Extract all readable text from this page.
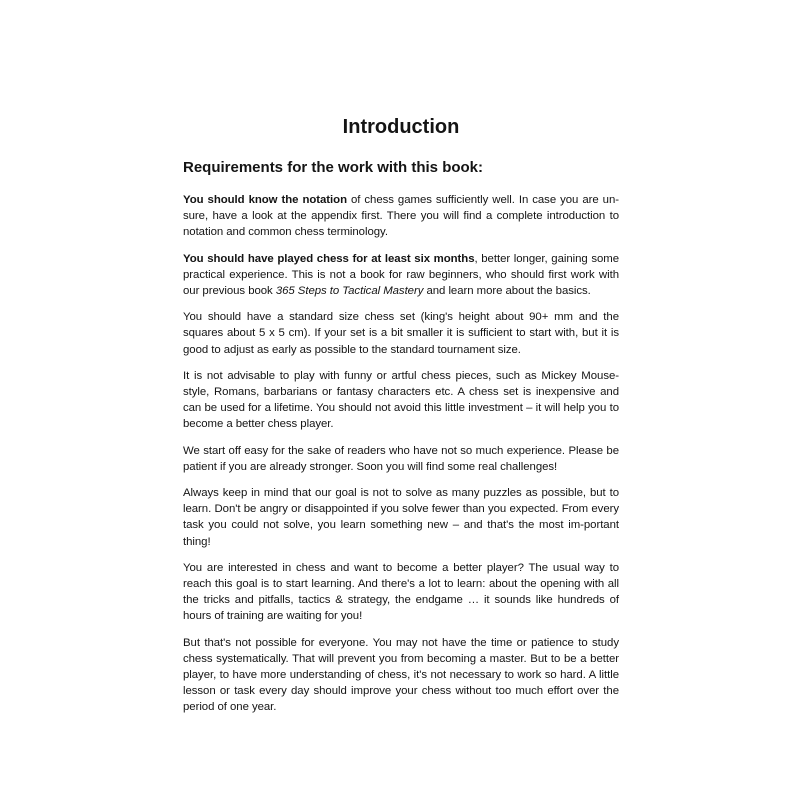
Introduction
Requirements for the work with this book:

You should know the notation of chess games sufficiently well. In case you are un-sure, have a look at the appendix first. There you will find a complete introduction to notation and common chess terminology.

You should have played chess for at least six months, better longer, gaining some practical experience. This is not a book for raw beginners, who should first work with our previous book 365 Steps to Tactical Mastery and learn more about the basics.

You should have a standard size chess set (king's height about 90+ mm and the squares about 5 x 5 cm). If your set is a bit smaller it is sufficient to start with, but it is good to adjust as early as possible to the standard tournament size.

It is not advisable to play with funny or artful chess pieces, such as Mickey Mouse-style, Romans, barbarians or fantasy characters etc. A chess set is inexpensive and can be used for a lifetime. You should not avoid this little investment – it will help you to become a better chess player.

We start off easy for the sake of readers who have not so much experience. Please be patient if you are already stronger. Soon you will find some real challenges!

Always keep in mind that our goal is not to solve as many puzzles as possible, but to learn. Don't be angry or disappointed if you solve fewer than you expected. From every task you could not solve, you learn something new – and that's the most im-portant thing!

You are interested in chess and want to become a better player? The usual way to reach this goal is to start learning. And there's a lot to learn: about the opening with all the tricks and pitfalls, tactics & strategy, the endgame … it sounds like hundreds of hours of training are waiting for you!

But that's not possible for everyone. You may not have the time or patience to study chess systematically. That will prevent you from becoming a master. But to be a better player, to have more understanding of chess, it's not necessary to work so hard. A little lesson or task every day should improve your chess without too much effort over the period of one year.
